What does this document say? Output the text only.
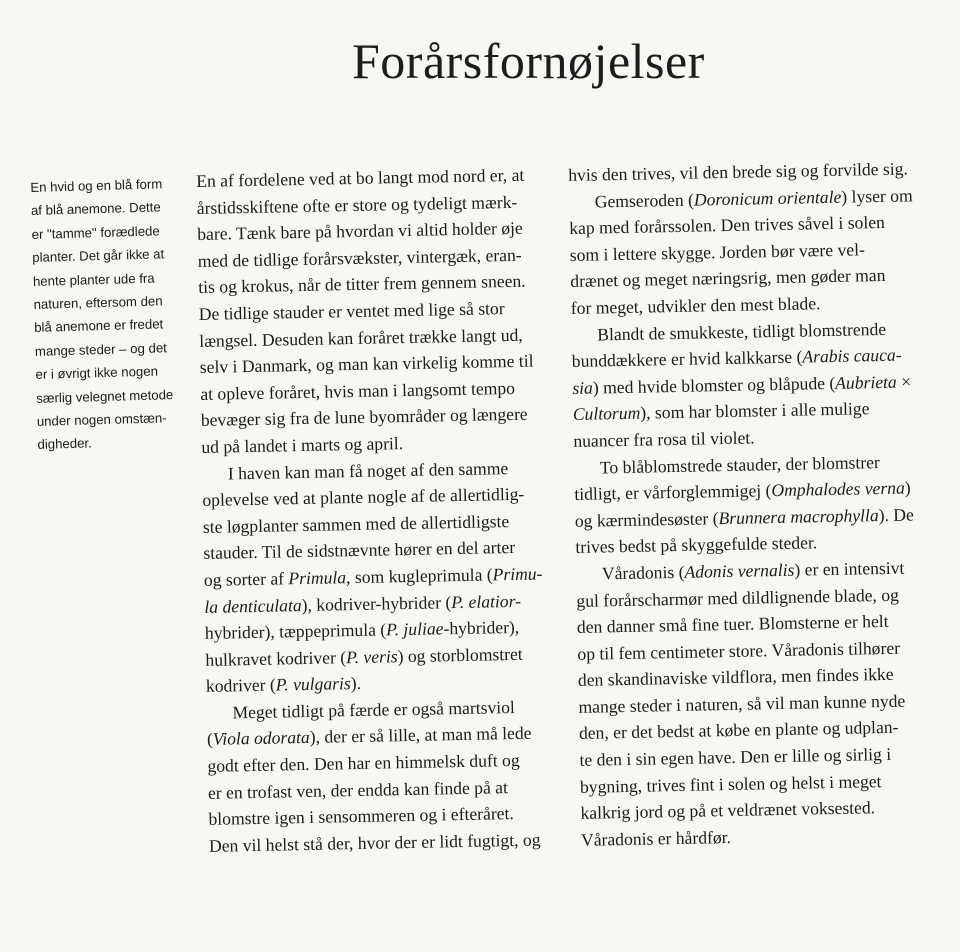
Forårsfornøjelser
En hvid og en blå form
af blå anemone. Dette
er "tamme" forædlede
planter. Det går ikke at
hente planter ude fra
naturen, eftersom den
blå anemone er fredet
mange steder – og det
er i øvrigt ikke nogen
særlig velegnet metode
under nogen omstæn-
digheder.
En af fordelene ved at bo langt mod nord er, at
årstidsskiftene ofte er store og tydeligt mærk-
bare. Tænk bare på hvordan vi altid holder øje
med de tidlige forårsvækster, vintergæk, eran-
tis og krokus, når de titter frem gennem sneen.
De tidlige stauder er ventet med lige så stor
længsel. Desuden kan foråret trække langt ud,
selv i Danmark, og man kan virkelig komme til
at opleve foråret, hvis man i langsomt tempo
bevæger sig fra de lune byområder og længere
ud på landet i marts og april.
I haven kan man få noget af den samme
oplevelse ved at plante nogle af de allertidlig-
ste løgplanter sammen med de allertidligste
stauder. Til de sidstnævnte hører en del arter
og sorter af Primula, som kugleprimula (Primu-
la denticulata), kodriver-hybrider (P. elatior-
hybrider), tæppeprimula (P. juliae-hybrider),
hulkravet kodriver (P. veris) og storblomstret
kodriver (P. vulgaris).
Meget tidligt på færde er også martsviol
(Viola odorata), der er så lille, at man må lede
godt efter den. Den har en himmelsk duft og
er en trofast ven, der endda kan finde på at
blomstre igen i sensommeren og i efteråret.
Den vil helst stå der, hvor der er lidt fugtigt, og
hvis den trives, vil den brede sig og forvilde sig.
Gemseroden (Doronicum orientale) lyser om
kap med forårssolen. Den trives såvel i solen
som i lettere skygge. Jorden bør være vel-
drænet og meget næringsrig, men gøder man
for meget, udvikler den mest blade.
Blandt de smukkeste, tidligt blomstrende
bunddækkere er hvid kalkkarse (Arabis cauca-
sia) med hvide blomster og blåpude (Aubrieta ×
Cultorum), som har blomster i alle mulige
nuancer fra rosa til violet.
To blåblomstrede stauder, der blomstrer
tidligt, er vårforglemmigej (Omphalodes verna)
og kærmindesøster (Brunnera macrophylla). De
trives bedst på skyggefulde steder.
Våradonis (Adonis vernalis) er en intensivt
gul forårscharmør med dildlignende blade, og
den danner små fine tuer. Blomsterne er helt
op til fem centimeter store. Våradonis tilhører
den skandinaviske vildflora, men findes ikke
mange steder i naturen, så vil man kunne nyde
den, er det bedst at købe en plante og udplan-
te den i sin egen have. Den er lille og sirlig i
bygning, trives fint i solen og helst i meget
kalkrig jord og på et veldrænet voksested.
Våradonis er hårdfør.
